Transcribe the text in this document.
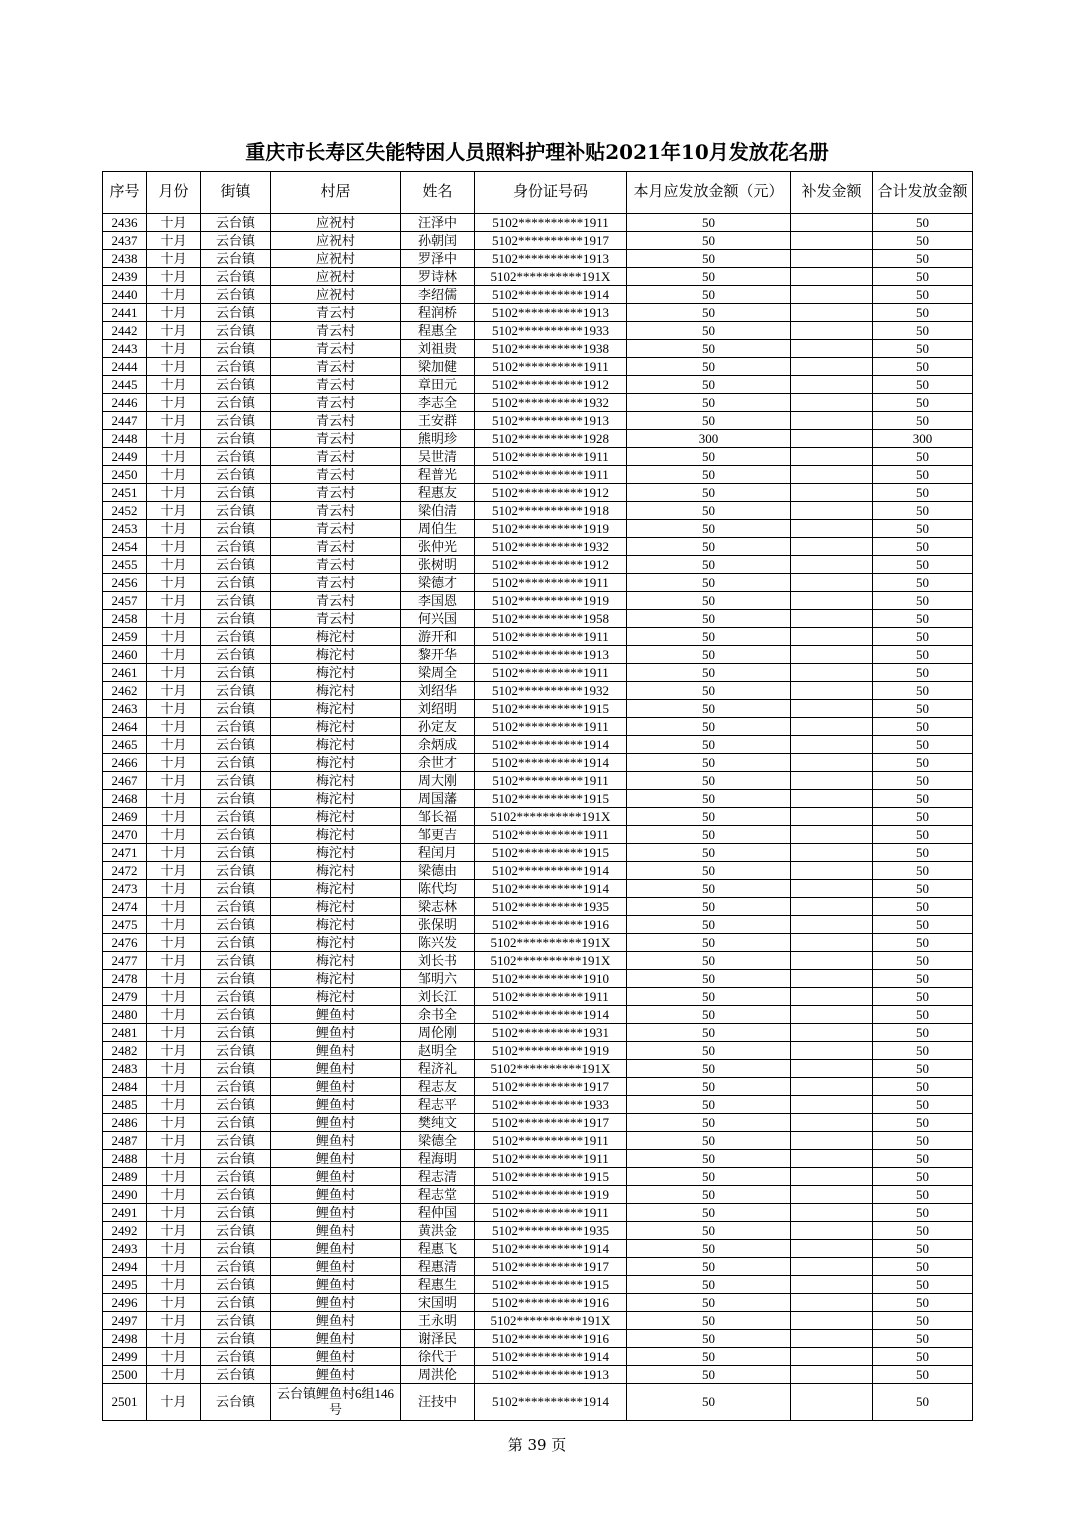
重庆市长寿区失能特困人员照料护理补贴2021年10月发放花名册
序号	月份	街镇	村居	姓名	身份证号码	本月应发放金额（元）	补发金额	合计发放金额
2436	十月	云台镇	应祝村	汪泽中	5102**********1911	50		50
2437	十月	云台镇	应祝村	孙朝闰	5102**********1917	50		50
2438	十月	云台镇	应祝村	罗泽中	5102**********1913	50		50
2439	十月	云台镇	应祝村	罗诗林	5102**********191X	50		50
2440	十月	云台镇	应祝村	李绍儒	5102**********1914	50		50
2441	十月	云台镇	青云村	程润桥	5102**********1913	50		50
2442	十月	云台镇	青云村	程惠全	5102**********1933	50		50
2443	十月	云台镇	青云村	刘祖贵	5102**********1938	50		50
2444	十月	云台镇	青云村	梁加健	5102**********1911	50		50
2445	十月	云台镇	青云村	章田元	5102**********1912	50		50
2446	十月	云台镇	青云村	李志全	5102**********1932	50		50
2447	十月	云台镇	青云村	王安群	5102**********1913	50		50
2448	十月	云台镇	青云村	熊明珍	5102**********1928	300		300
2449	十月	云台镇	青云村	吴世清	5102**********1911	50		50
2450	十月	云台镇	青云村	程普光	5102**********1911	50		50
2451	十月	云台镇	青云村	程惠友	5102**********1912	50		50
2452	十月	云台镇	青云村	梁伯清	5102**********1918	50		50
2453	十月	云台镇	青云村	周伯生	5102**********1919	50		50
2454	十月	云台镇	青云村	张仲光	5102**********1932	50		50
2455	十月	云台镇	青云村	张树明	5102**********1912	50		50
2456	十月	云台镇	青云村	梁德才	5102**********1911	50		50
2457	十月	云台镇	青云村	李国恩	5102**********1919	50		50
2458	十月	云台镇	青云村	何兴国	5102**********1958	50		50
2459	十月	云台镇	梅沱村	游开和	5102**********1911	50		50
2460	十月	云台镇	梅沱村	黎开华	5102**********1913	50		50
2461	十月	云台镇	梅沱村	梁周全	5102**********1911	50		50
2462	十月	云台镇	梅沱村	刘绍华	5102**********1932	50		50
2463	十月	云台镇	梅沱村	刘绍明	5102**********1915	50		50
2464	十月	云台镇	梅沱村	孙定友	5102**********1911	50		50
2465	十月	云台镇	梅沱村	余炳成	5102**********1914	50		50
2466	十月	云台镇	梅沱村	余世才	5102**********1914	50		50
2467	十月	云台镇	梅沱村	周大刚	5102**********1911	50		50
2468	十月	云台镇	梅沱村	周国藩	5102**********1915	50		50
2469	十月	云台镇	梅沱村	邹长福	5102**********191X	50		50
2470	十月	云台镇	梅沱村	邹更吉	5102**********1911	50		50
2471	十月	云台镇	梅沱村	程闰月	5102**********1915	50		50
2472	十月	云台镇	梅沱村	梁德由	5102**********1914	50		50
2473	十月	云台镇	梅沱村	陈代均	5102**********1914	50		50
2474	十月	云台镇	梅沱村	梁志林	5102**********1935	50		50
2475	十月	云台镇	梅沱村	张保明	5102**********1916	50		50
2476	十月	云台镇	梅沱村	陈兴发	5102**********191X	50		50
2477	十月	云台镇	梅沱村	刘长书	5102**********191X	50		50
2478	十月	云台镇	梅沱村	邹明六	5102**********1910	50		50
2479	十月	云台镇	梅沱村	刘长江	5102**********1911	50		50
2480	十月	云台镇	鲤鱼村	余书全	5102**********1914	50		50
2481	十月	云台镇	鲤鱼村	周伦刚	5102**********1931	50		50
2482	十月	云台镇	鲤鱼村	赵明全	5102**********1919	50		50
2483	十月	云台镇	鲤鱼村	程济礼	5102**********191X	50		50
2484	十月	云台镇	鲤鱼村	程志友	5102**********1917	50		50
2485	十月	云台镇	鲤鱼村	程志平	5102**********1933	50		50
2486	十月	云台镇	鲤鱼村	樊纯文	5102**********1917	50		50
2487	十月	云台镇	鲤鱼村	梁德全	5102**********1911	50		50
2488	十月	云台镇	鲤鱼村	程海明	5102**********1911	50		50
2489	十月	云台镇	鲤鱼村	程志清	5102**********1915	50		50
2490	十月	云台镇	鲤鱼村	程志堂	5102**********1919	50		50
2491	十月	云台镇	鲤鱼村	程仲国	5102**********1911	50		50
2492	十月	云台镇	鲤鱼村	黄洪金	5102**********1935	50		50
2493	十月	云台镇	鲤鱼村	程惠飞	5102**********1914	50		50
2494	十月	云台镇	鲤鱼村	程惠清	5102**********1917	50		50
2495	十月	云台镇	鲤鱼村	程惠生	5102**********1915	50		50
2496	十月	云台镇	鲤鱼村	宋国明	5102**********1916	50		50
2497	十月	云台镇	鲤鱼村	王永明	5102**********191X	50		50
2498	十月	云台镇	鲤鱼村	谢泽民	5102**********1916	50		50
2499	十月	云台镇	鲤鱼村	徐代于	5102**********1914	50		50
2500	十月	云台镇	鲤鱼村	周洪伦	5102**********1913	50		50
2501	十月	云台镇	云台镇鲤鱼村6组146号	汪技中	5102**********1914	50		50
第 39 页
